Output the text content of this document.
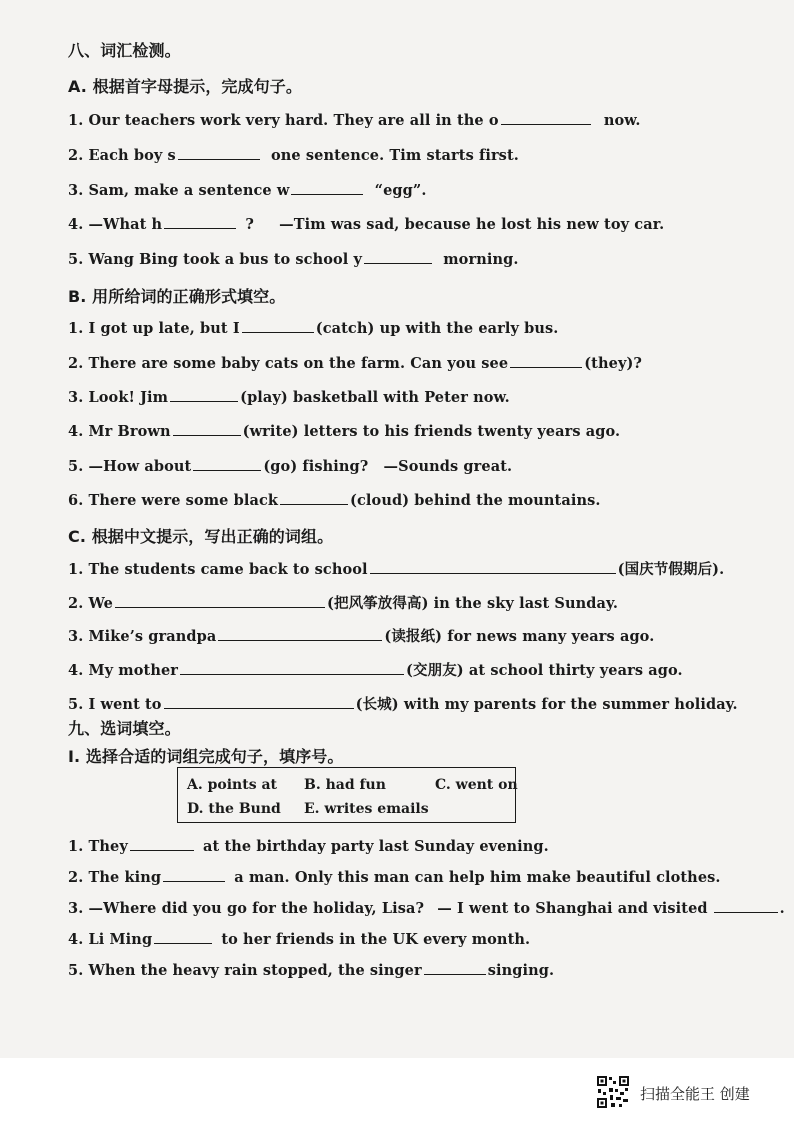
八、词汇检测。
A. 根据首字母提示，完成句子。
1. Our teachers work very hard. They are all in the o	now.
2. Each boy s	one sentence. Tim starts first.
3. Sam, make a sentence w	“egg”.
4. —What h	? —Tim was sad, because he lost his new toy car.
5. Wang Bing took a bus to school y	morning.
B. 用所给词的正确形式填空。
1. I got up late, but I	(catch) up with the early bus.
2. There are some baby cats on the farm. Can you see	(they)?
3. Look! Jim	(play) basketball with Peter now.
4. Mr Brown	(write) letters to his friends twenty years ago.
5. —How about	(go) fishing? —Sounds great.
6. There were some black	(cloud) behind the mountains.
C. 根据中文提示，写出正确的词组。
1. The students came back to school	(国庆节假期后).
2. We	(把风筝放得高) in the sky last Sunday.
3. Mike’s grandpa	(读报纸) for news many years ago.
4. My mother	(交朋友) at school thirty years ago.
5. I went to	(长城) with my parents for the summer holiday.
九、选词填空。
I. 选择合适的词组完成句子，填序号。
A. points at B. had fun	C. went on
D. the Bund E. writes emails
1. They	at the birthday party last Sunday evening.
2. The king	a man. Only this man can help him make beautiful clothes.
3. —Where did you go for the holiday, Lisa? — I went to Shanghai and visited	.
4. Li Ming	to her friends in the UK every month.
5. When the heavy rain stopped, the singer	singing.
扫描全能王 创建
